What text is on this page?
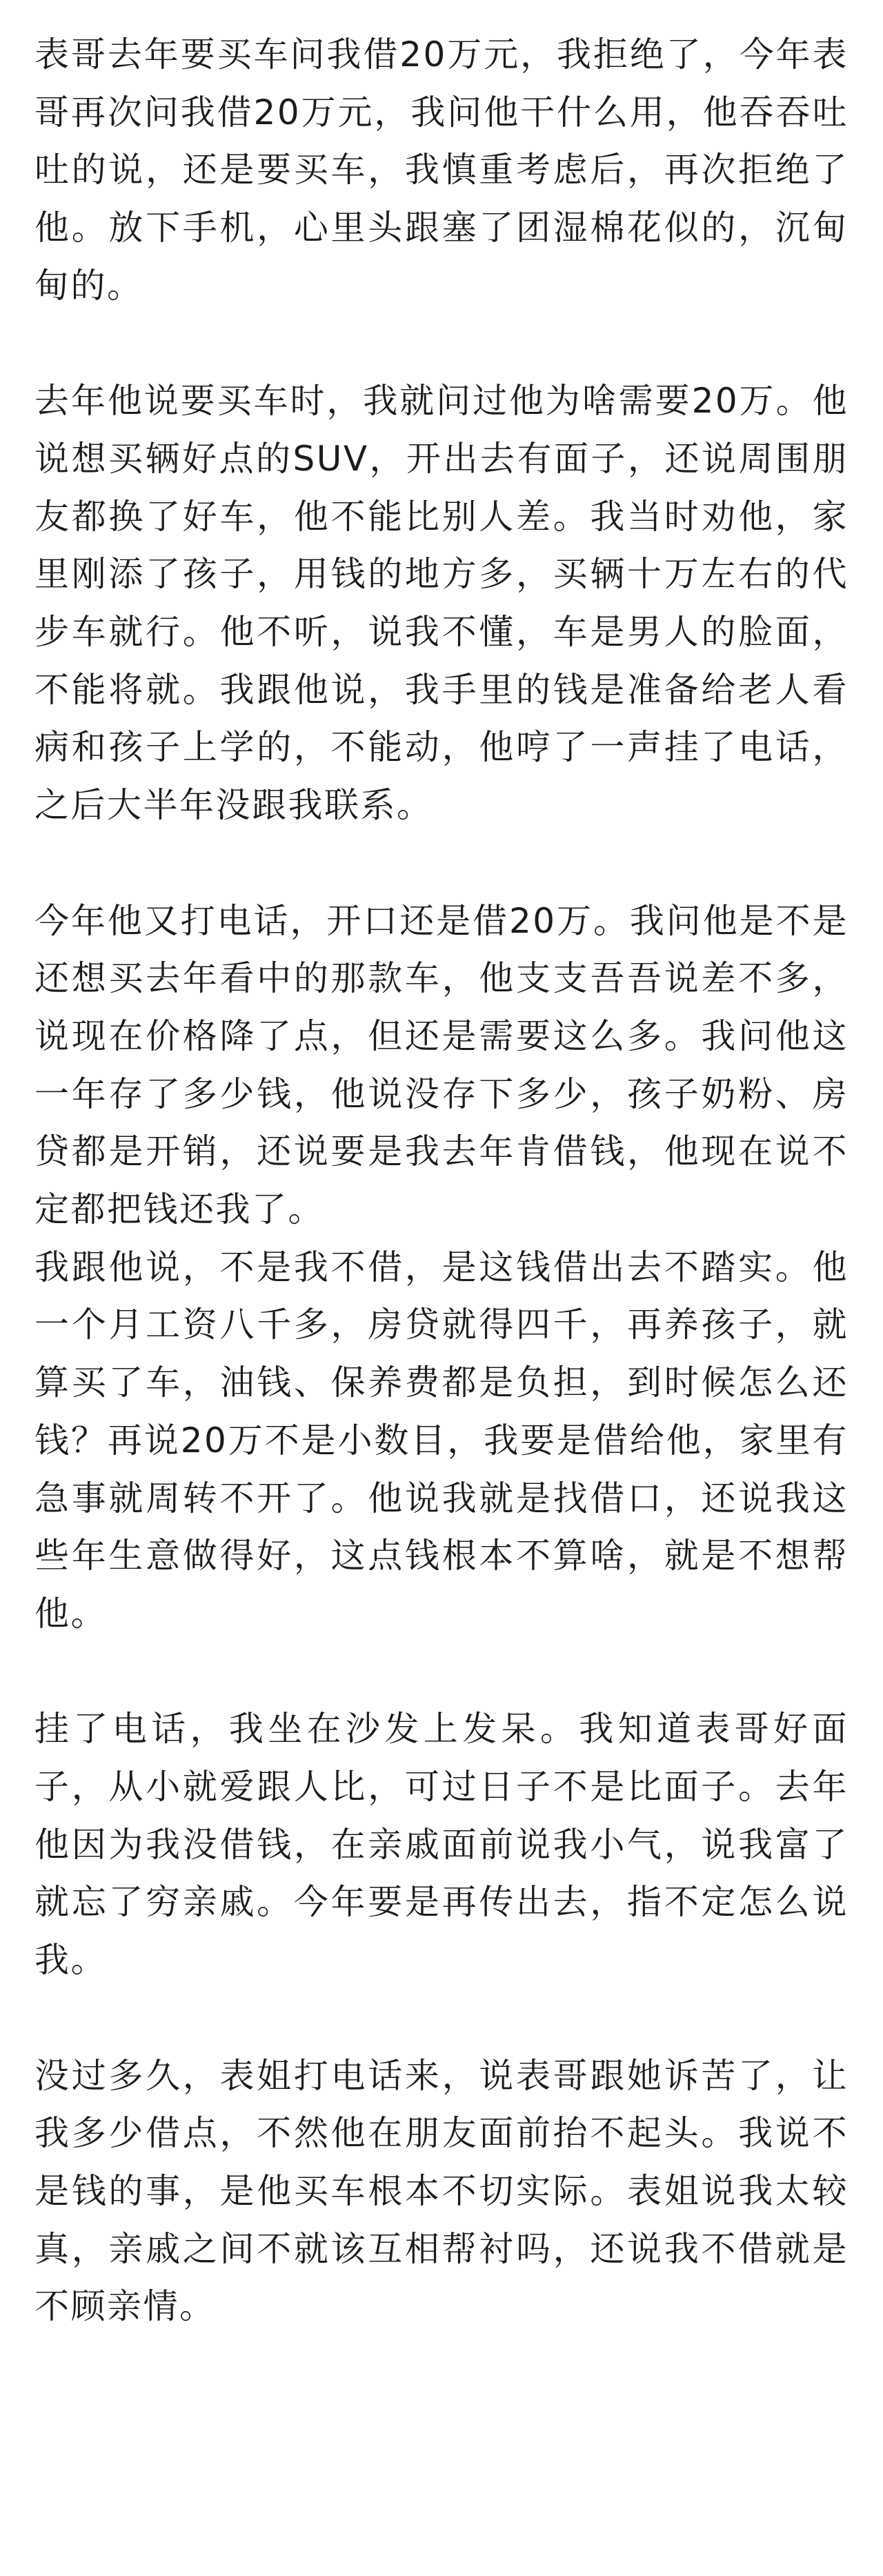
表哥去年要买车问我借20万元，我拒绝了，今年表哥再次问我借20万元，我问他干什么用，他吞吞吐吐的说，还是要买车，我慎重考虑后，再次拒绝了他。放下手机，心里头跟塞了团湿棉花似的，沉甸甸的。

去年他说要买车时，我就问过他为啥需要20万。他说想买辆好点的SUV，开出去有面子，还说周围朋友都换了好车，他不能比别人差。我当时劝他，家里刚添了孩子，用钱的地方多，买辆十万左右的代步车就行。他不听，说我不懂，车是男人的脸面，不能将就。我跟他说，我手里的钱是准备给老人看病和孩子上学的，不能动，他哼了一声挂了电话，之后大半年没跟我联系。

今年他又打电话，开口还是借20万。我问他是不是还想买去年看中的那款车，他支支吾吾说差不多，说现在价格降了点，但还是需要这么多。我问他这一年存了多少钱，他说没存下多少，孩子奶粉、房贷都是开销，还说要是我去年肯借钱，他现在说不定都把钱还我了。

我跟他说，不是我不借，是这钱借出去不踏实。他一个月工资八千多，房贷就得四千，再养孩子，就算买了车，油钱、保养费都是负担，到时候怎么还钱？再说20万不是小数目，我要是借给他，家里有急事就周转不开了。他说我就是找借口，还说我这些年生意做得好，这点钱根本不算啥，就是不想帮他。

挂了电话，我坐在沙发上发呆。我知道表哥好面子，从小就爱跟人比，可过日子不是比面子。去年他因为我没借钱，在亲戚面前说我小气，说我富了就忘了穷亲戚。今年要是再传出去，指不定怎么说我。

没过多久，表姐打电话来，说表哥跟她诉苦了，让我多少借点，不然他在朋友面前抬不起头。我说不是钱的事，是他买车根本不切实际。表姐说我太较真，亲戚之间不就该互相帮衬吗，还说我不借就是不顾亲情。
